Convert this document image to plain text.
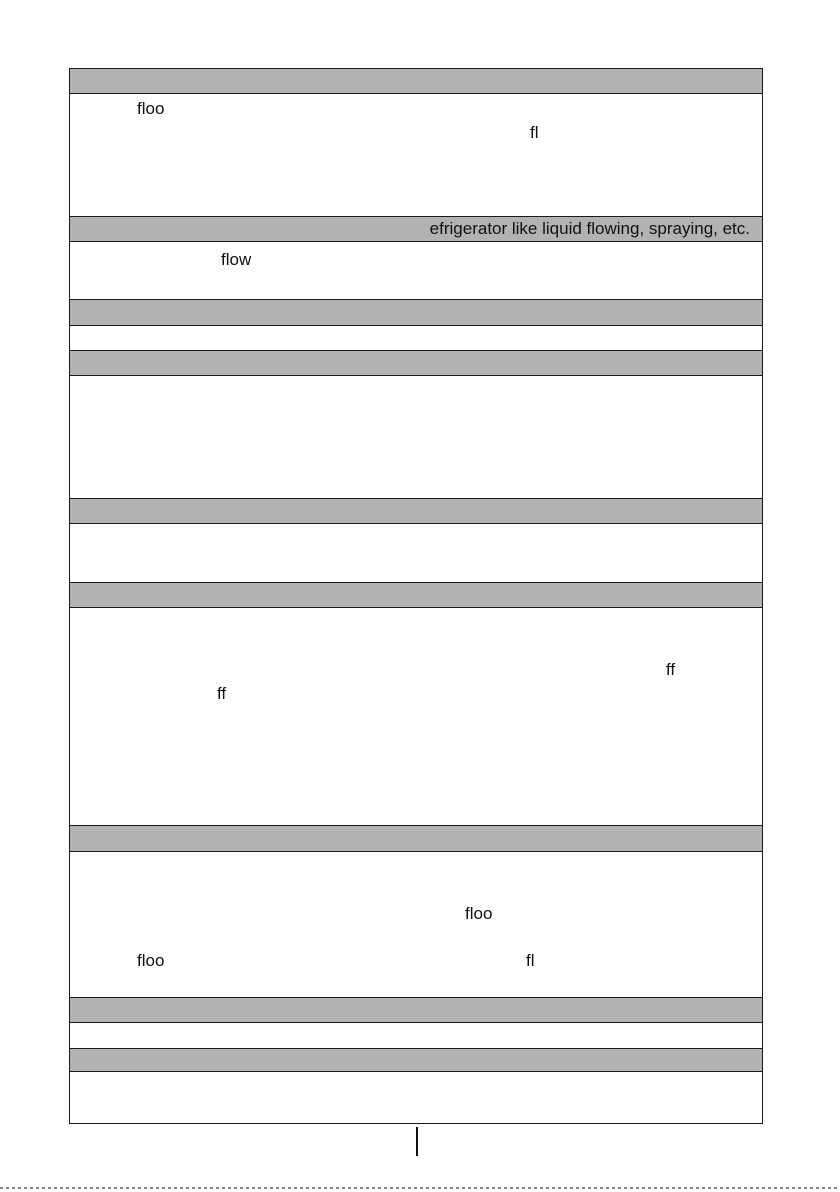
floo
fl
efrigerator like liquid flowing, spraying, etc.
flow
ff
ff
floo
floo	fl
